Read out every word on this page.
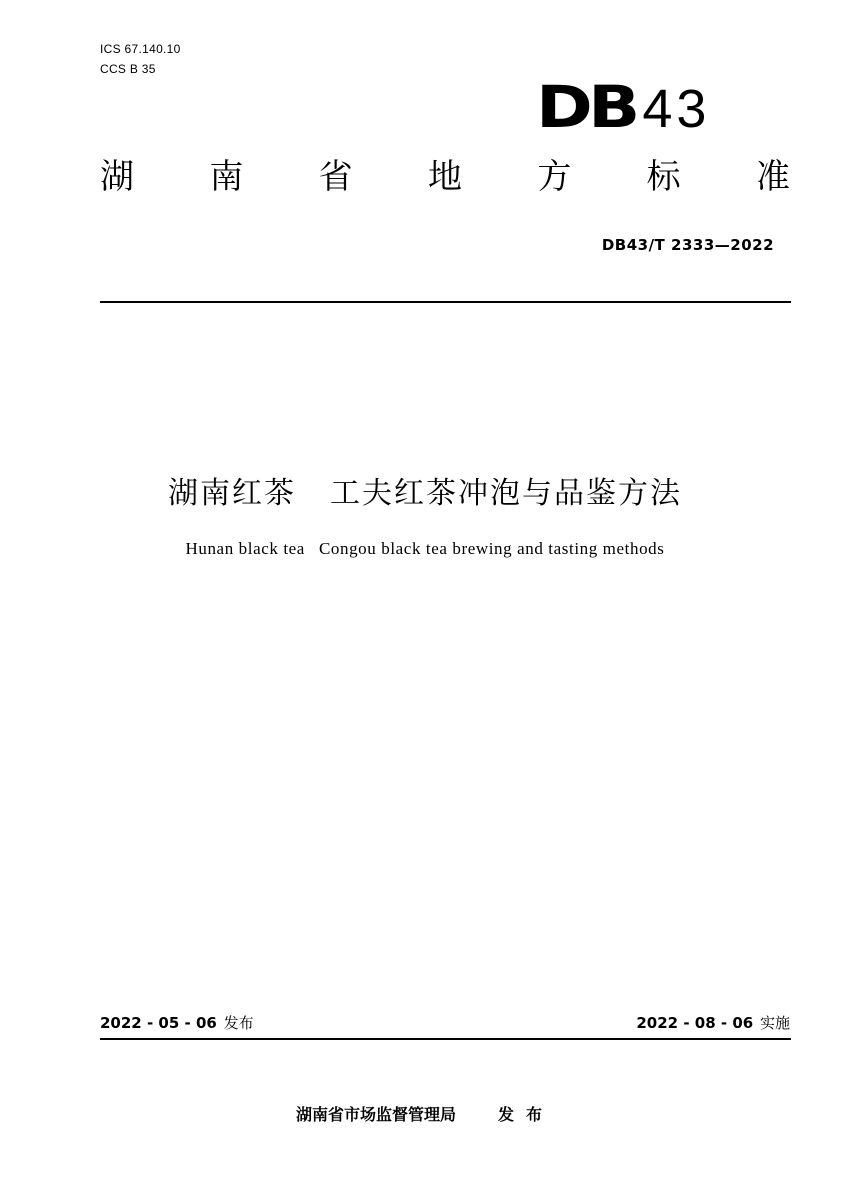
ICS 67.140.10
CCS B 35
DB 43
湖 南 省 地 方 标 准
DB43/T 2333—2022
湖南红茶 工夫红茶冲泡与品鉴方法
Hunan black tea Congou black tea brewing and tasting methods
2022 - 05 - 06 发布	2022 - 08 - 06 实施
湖南省市场监督管理局	发布
